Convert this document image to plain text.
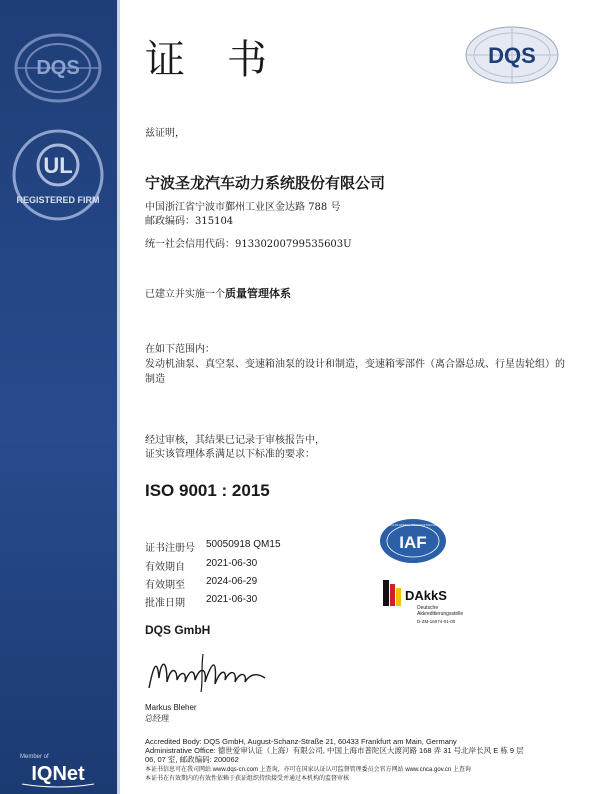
DQS
UL
REGISTERED FIRM
Member of
IQNet
证书	DQS
兹证明，
宁波圣龙汽车动力系统股份有限公司
中国浙江省宁波市鄞州工业区金达路 788 号
邮政编码：315104
统一社会信用代码：91330200799535603U
已建立并实施一个质量管理体系
在如下范围内：
发动机油泵、真空泵、变速箱油泵的设计和制造，变速箱零部件（离合器总成、行星齿轮组）的
制造
经过审核，其结果已记录于审核报告中，
证实该管理体系满足以下标准的要求：
ISO 9001 : 2015
证书注册号 50050918 QM15
有效期自 2021-06-30
有效期至 2024-06-29
批准日期 2021-06-30
MEMBER OF MULTILATERAL RECOGNITION ARRANGEMENT
IAF
DAkkS
Deutsche
Akkreditierungsstelle
D-ZM-16074-01-00
DQS GmbH
Markus Bleher
总经理
Accredited Body: DQS GmbH, August-Schanz-Straße 21, 60433 Frankfurt am Main, Germany
Administrative Office: 德世爱审认证（上海）有限公司, 中国上海市普陀区大渡河路 168 弄 31 号北岸长风 E 栋 9 层
06, 07 室, 邮政编码: 200062
本证书信息可在我司网站 www.dqs-cn.com 上查询，亦可在国家认证认可监督管理委员会官方网站 www.cnca.gov.cn 上查询
本证书在有效期内的有效性依赖于获证组织持续接受并通过本机构的监督审核
